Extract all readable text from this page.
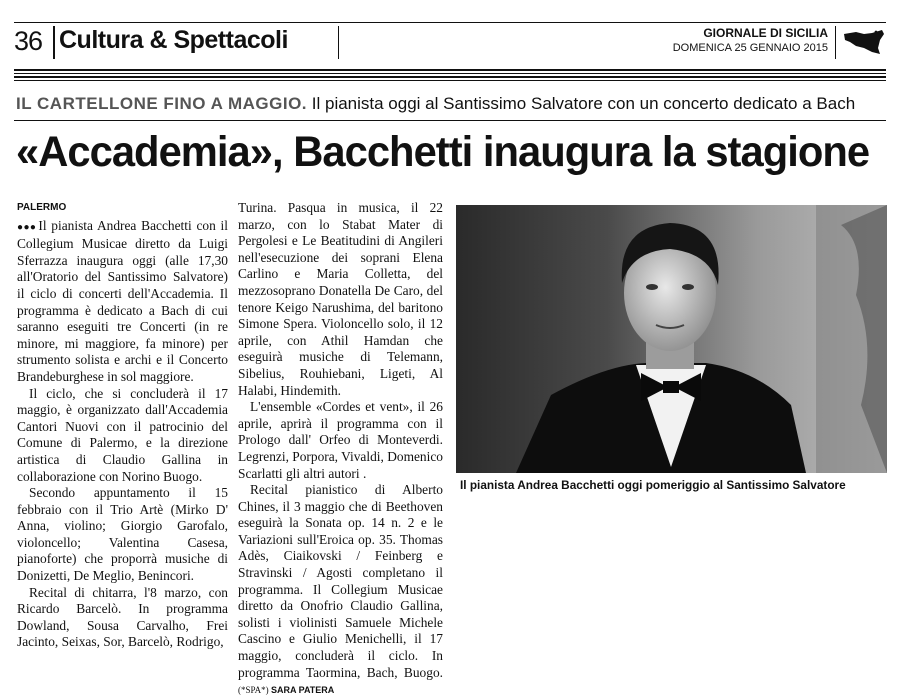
36 Cultura & Spettacoli	GIORNALE DI SICILIA
DOMENICA 25 GENNAIO 2015
IL CARTELLONE FINO A MAGGIO. Il pianista oggi al Santissimo Salvatore con un concerto dedicato a Bach
«Accademia», Bacchetti inaugura la stagione
PALERMO

●●● Il pianista Andrea Bacchetti con il Collegium Musicae diretto da Luigi Sferrazza inaugura oggi (alle 17,30 all'Oratorio del Santissimo Salvatore) il ciclo di concerti dell'Accademia. Il programma è dedicato a Bach di cui saranno eseguiti tre Concerti (in re minore, mi maggiore, fa minore) per strumento solista e archi e il Concerto Brandeburghese in sol maggiore.

Il ciclo, che si concluderà il 17 maggio, è organizzato dall'Accademia Cantori Nuovi con il patrocinio del Comune di Palermo, e la direzione artistica di Claudio Gallina in collaborazione con Norino Buogo.

Secondo appuntamento il 15 febbraio con il Trio Artè (Mirko D' Anna, violino; Giorgio Garofalo, violoncello; Valentina Casesa, pianoforte) che proporrà musiche di Donizetti, De Meglio, Benincori.

Recital di chitarra, l'8 marzo, con Ricardo Barcelò. In programma Dowland, Sousa Carvalho, Frei Jacinto, Seixas, Sor, Barcelò, Rodrigo,

Turina. Pasqua in musica, il 22 marzo, con lo Stabat Mater di Pergolesi e Le Beatitudini di Angileri nell'esecuzione dei soprani Elena Carlino e Maria Colletta, del mezzosoprano Donatella De Caro, del tenore Keigo Narushima, del baritono Simone Spera. Violoncello solo, il 12 aprile, con Athil Hamdan che eseguirà musiche di Telemann, Sibelius, Rouhiebani, Ligeti, Al Halabi, Hindemith.

L'ensemble «Cordes et vent», il 26 aprile, aprirà il programma con il Prologo dall' Orfeo di Monteverdi. Legrenzi, Porpora, Vivaldi, Domenico Scarlatti gli altri autori .

Recital pianistico di Alberto Chines, il 3 maggio che di Beethoven eseguirà la Sonata op. 14 n. 2 e le Variazioni sull'Eroica op. 35. Thomas Adès, Ciaikovski / Feinberg e Stravinski / Agosti completano il programma. Il Collegium Musicae diretto da Onofrio Claudio Gallina, solisti i violinisti Samuele Michele Cascino e Giulio Menichelli, il 17 maggio, concluderà il ciclo. In programma Taormina, Bach, Buogo. (*SPA*) SARA PATERA

Il pianista Andrea Bacchetti oggi pomeriggio al Santissimo Salvatore
